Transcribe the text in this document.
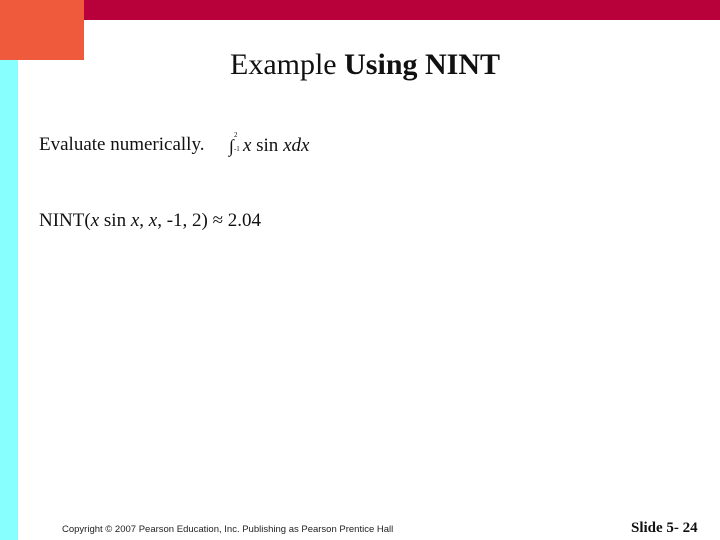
Example Using NINT
Evaluate numerically. ∫
2
-1 x sin xdx
NINT(x sin x, x, -1, 2) ≈ 2.04
Copyright © 2007 Pearson Education, Inc. Publishing as Pearson Prentice Hall	Slide 5- 24
